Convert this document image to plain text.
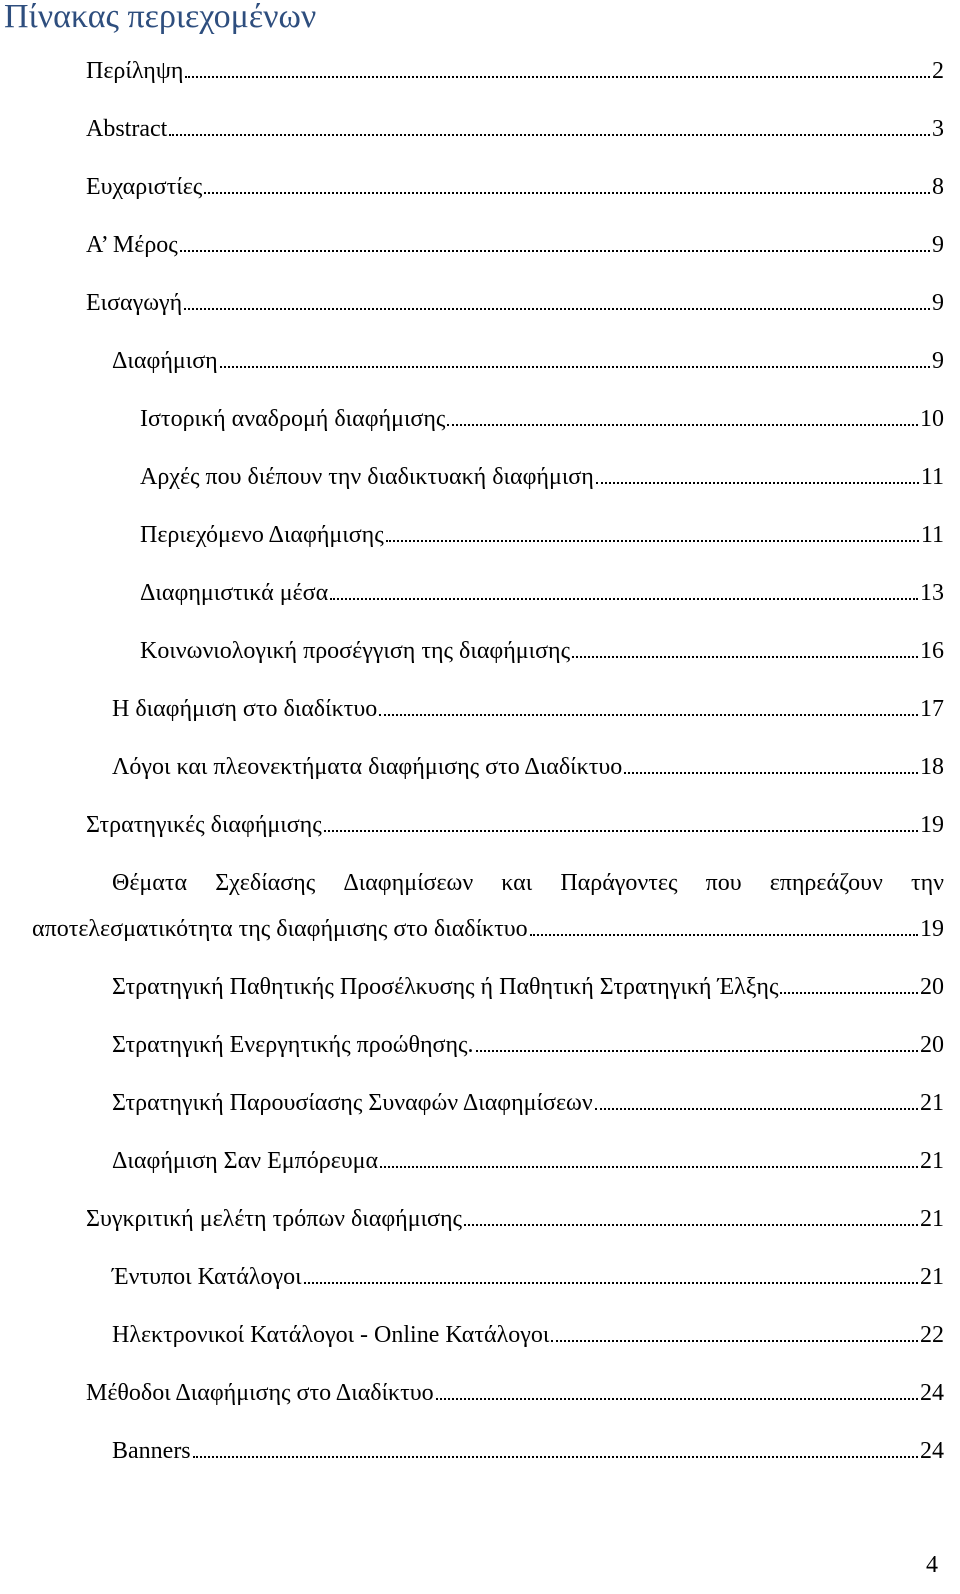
Πίνακας περιεχομένων
Περίληψη	2
Abstract	3
Ευχαριστίες	8
Α’ Μέρος	9
Εισαγωγή	9
Διαφήμιση	9
Ιστορική αναδρομή διαφήμισης	10
Αρχές που διέπουν την διαδικτυακή διαφήμιση	11
Περιεχόμενο Διαφήμισης	11
Διαφημιστικά μέσα	13
Κοινωνιολογική προσέγγιση της διαφήμισης	16
Η διαφήμιση στο διαδίκτυο	17
Λόγοι και πλεονεκτήματα διαφήμισης στο Διαδίκτυο	18
Στρατηγικές διαφήμισης	19
Θέματα Σχεδίασης Διαφημίσεων και Παράγοντες που επηρεάζουν την
αποτελεσματικότητα της διαφήμισης στο διαδίκτυο	19
Στρατηγική Παθητικής Προσέλκυσης ή Παθητική Στρατηγική Έλξης	20
Στρατηγική Ενεργητικής προώθησης.	20
Στρατηγική Παρουσίασης Συναφών Διαφημίσεων	21
Διαφήμιση Σαν Εμπόρευμα	21
Συγκριτική μελέτη τρόπων διαφήμισης	21
Έντυποι Κατάλογοι	21
Ηλεκτρονικοί Κατάλογοι - Online Κατάλογοι	22
Μέθοδοι Διαφήμισης στο Διαδίκτυο	24
Banners	24
4
